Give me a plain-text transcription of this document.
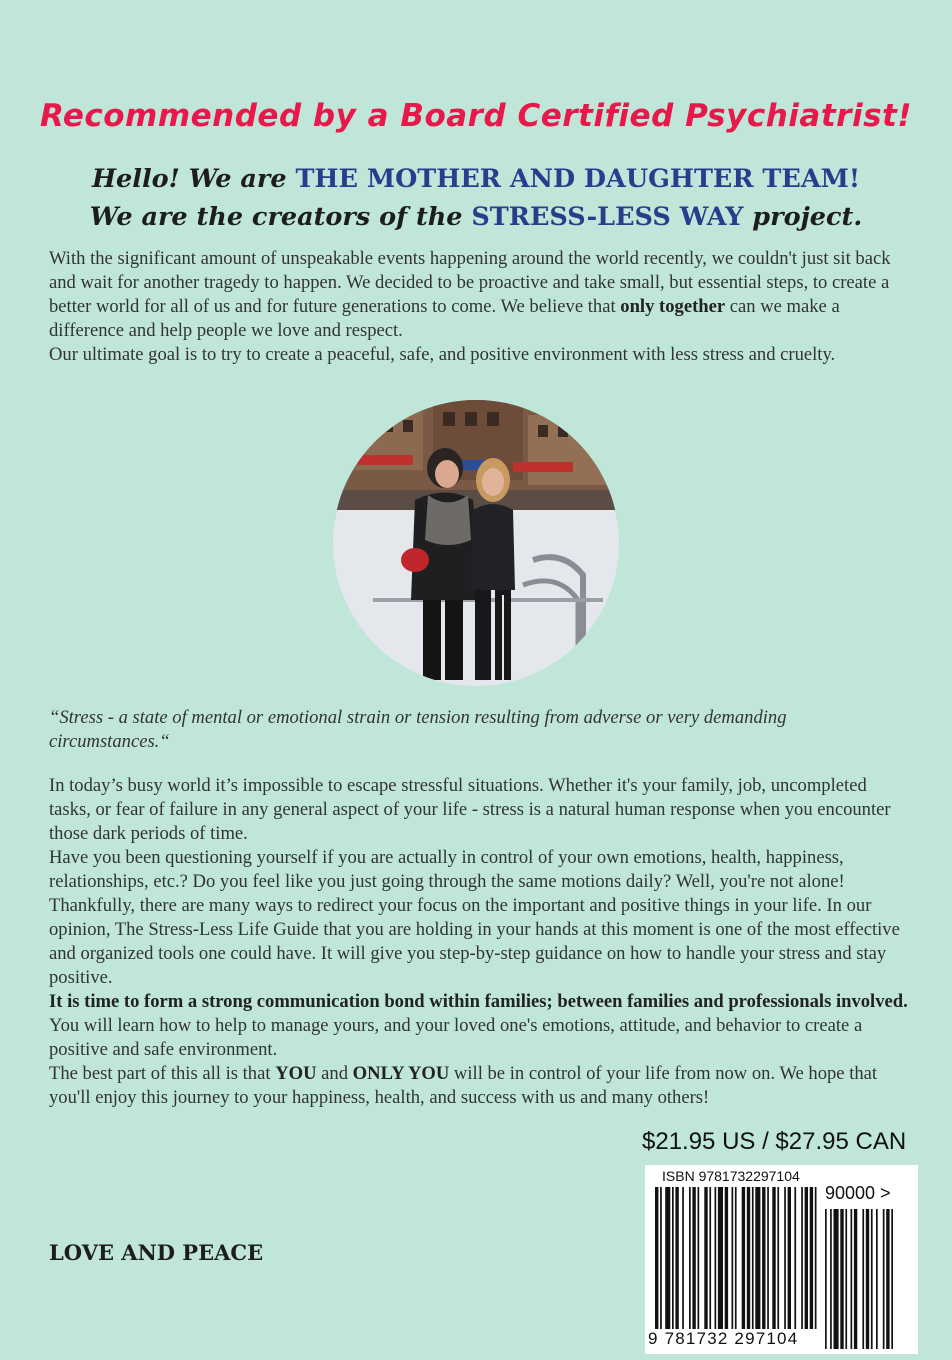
Recommended by a Board Certified Psychiatrist!
Hello! We are THE MOTHER AND DAUGHTER TEAM!
We are the creators of the STRESS-LESS WAY project.
With the significant amount of unspeakable events happening around the world recently, we couldn't just sit back and wait for another tragedy to happen. We decided to be proactive and take small, but essential steps, to create a better world for all of us and for future generations to come. We believe that only together can we make a difference and help people we love and respect.
Our ultimate goal is to try to create a peaceful, safe, and positive environment with less stress and cruelty.
“Stress - a state of mental or emotional strain or tension resulting from adverse or very demanding circumstances.“
In today’s busy world it’s impossible to escape stressful situations. Whether it's your family, job, uncompleted tasks, or fear of failure in any general aspect of your life - stress is a natural human response when you encounter those dark periods of time.
Have you been questioning yourself if you are actually in control of your own emotions, health, happiness, relationships, etc.? Do you feel like you just going through the same motions daily? Well, you're not alone!
Thankfully, there are many ways to redirect your focus on the important and positive things in your life. In our opinion, The Stress-Less Life Guide that you are holding in your hands at this moment is one of the most effective and organized tools one could have. It will give you step-by-step guidance on how to handle your stress and stay positive.
It is time to form a strong communication bond within families; between families and professionals involved. You will learn how to help to manage yours, and your loved one's emotions, attitude, and behavior to create a positive and safe environment.
The best part of this all is that YOU and ONLY YOU will be in control of your life from now on. We hope that you'll enjoy this journey to your happiness, health, and success with us and many others!
$21.95 US / $27.95 CAN
ISBN 9781732297104
90000 >
9 781732 297104
LOVE AND PEACE
